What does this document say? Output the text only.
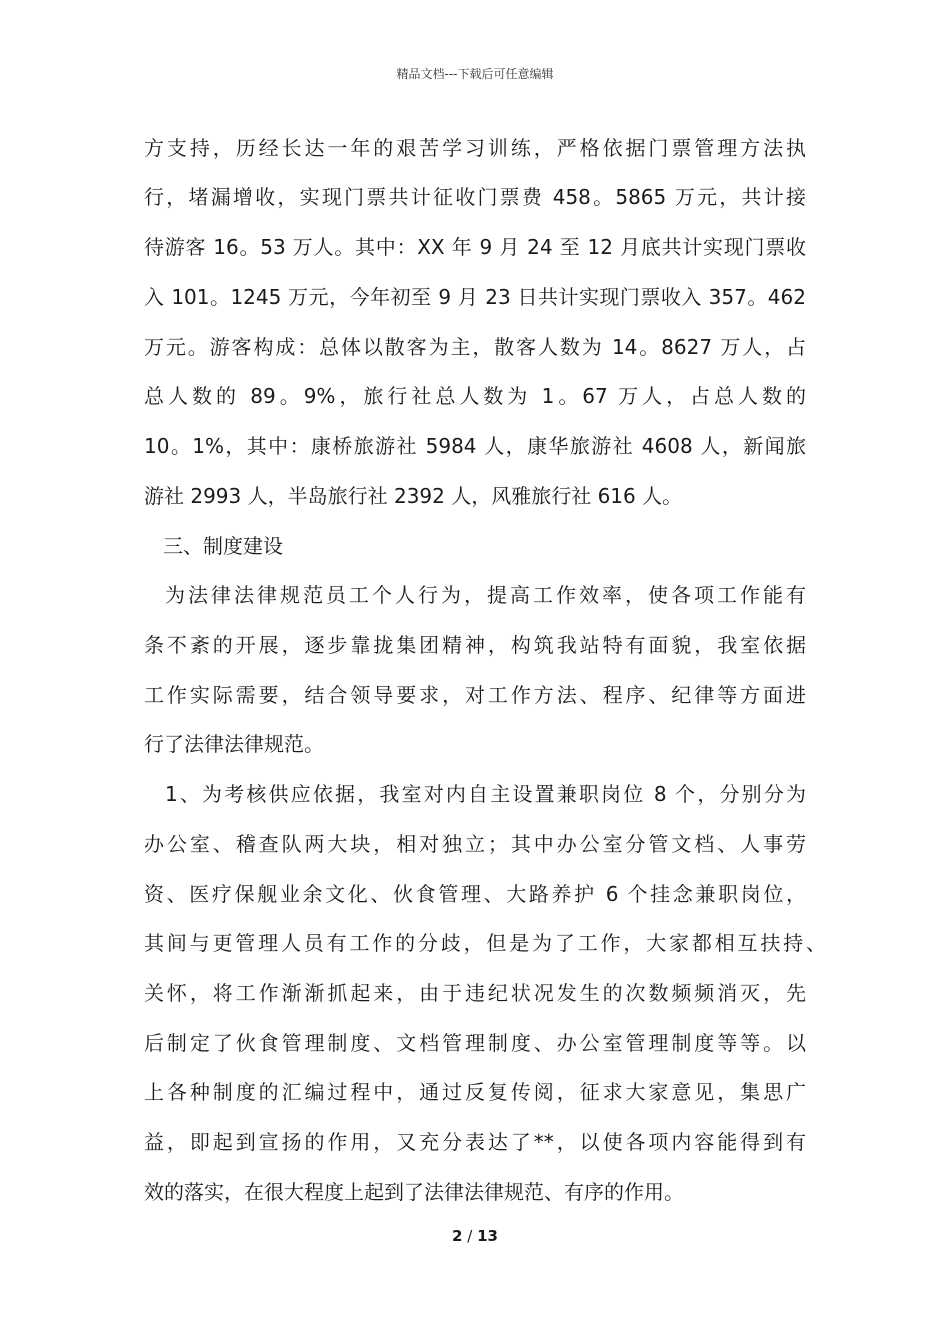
精品文档---下载后可任意编辑
方支持，历经长达一年的艰苦学习训练，严格依据门票管理方法执
行，堵漏增收，实现门票共计征收门票费 458。5865 万元，共计接
待游客 16。53 万人。其中：XX 年 9 月 24 至 12 月底共计实现门票收
入 101。1245 万元，今年初至 9 月 23 日共计实现门票收入 357。462
万元。游客构成：总体以散客为主，散客人数为 14。8627 万人，占
总人数的 89。9%，旅行社总人数为 1。67 万人，占总人数的
10。1%，其中：康桥旅游社 5984 人，康华旅游社 4608 人，新闻旅
游社 2993 人，半岛旅行社 2392 人，风雅旅行社 616 人。
三、制度建设
为法律法律规范员工个人行为，提高工作效率，使各项工作能有
条不紊的开展，逐步靠拢集团精神，构筑我站特有面貌，我室依据
工作实际需要，结合领导要求，对工作方法、程序、纪律等方面进
行了法律法律规范。
1、为考核供应依据，我室对内自主设置兼职岗位 8 个，分别分为
办公室、稽查队两大块，相对独立；其中办公室分管文档、人事劳
资、医疗保舰业余文化、伙食管理、大路养护 6 个挂念兼职岗位，
其间与更管理人员有工作的分歧，但是为了工作，大家都相互扶持、
关怀，将工作渐渐抓起来，由于违纪状况发生的次数频频消灭，先
后制定了伙食管理制度、文档管理制度、办公室管理制度等等。以
上各种制度的汇编过程中，通过反复传阅，征求大家意见，集思广
益，即起到宣扬的作用，又充分表达了**，以使各项内容能得到有
效的落实，在很大程度上起到了法律法律规范、有序的作用。
2 / 13
